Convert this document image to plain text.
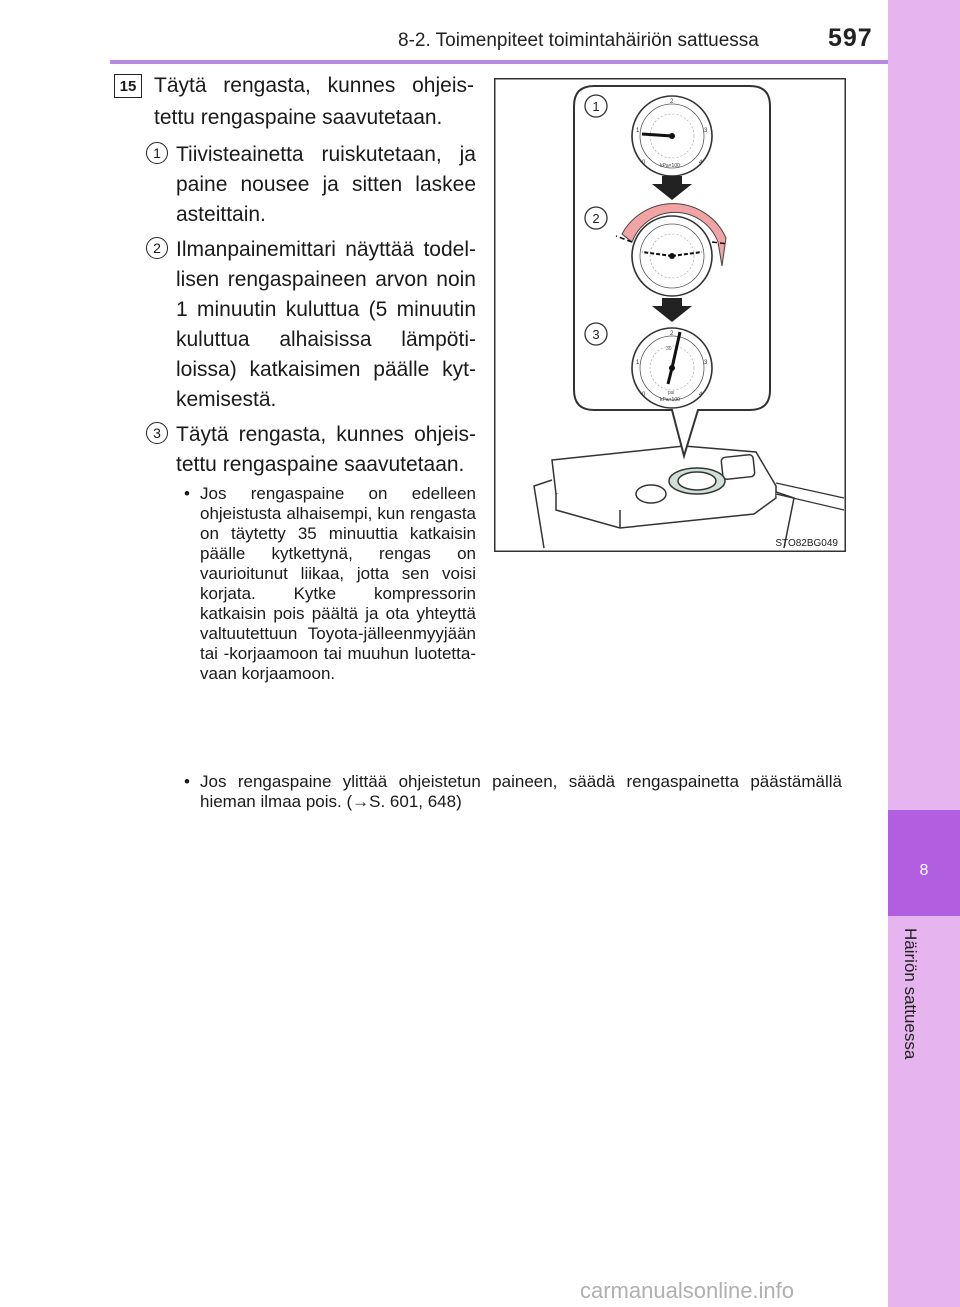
8-2. Toimenpiteet toimintahäiriön sattuessa	597
8
Häiriön sattuessa
15 Täytä rengasta, kunnes ohjeistettu rengaspaine saavutetaan.
1 Tiivisteainetta ruiskutetaan, ja paine nousee ja sitten laskee asteittain.
2 Ilmanpainemittari näyttää todellisen rengaspaineen arvon noin 1 minuutin kuluttua (5 minuutin kuluttua alhaisissa lämpötiloissa) katkaisimen päälle kytkemisestä.
3 Täytä rengasta, kunnes ohjeistettu rengaspaine saavutetaan.
• Jos rengaspaine on edelleen ohjeistusta alhaisempi, kun rengasta on täytetty 35 minuuttia katkaisin päälle kytkettynä, rengas on vaurioitunut liikaa, jotta sen voisi korjata. Kytke kompressorin katkaisin pois päältä ja ota yhteyttä valtuutettuun Toyota-jälleenmyyjään tai -korjaamoon tai muuhun luotettavaan korjaamoon.
• Jos rengaspaine ylittää ohjeistetun paineen, säädä rengaspainetta päästämällä hieman ilmaa pois. (→S. 601, 648)
0
1
2
3
4
kPa×100
0
1
2
3
4
30
psi
kPa×100
1
2
3
STO82BG049
carmanualsonline.info
